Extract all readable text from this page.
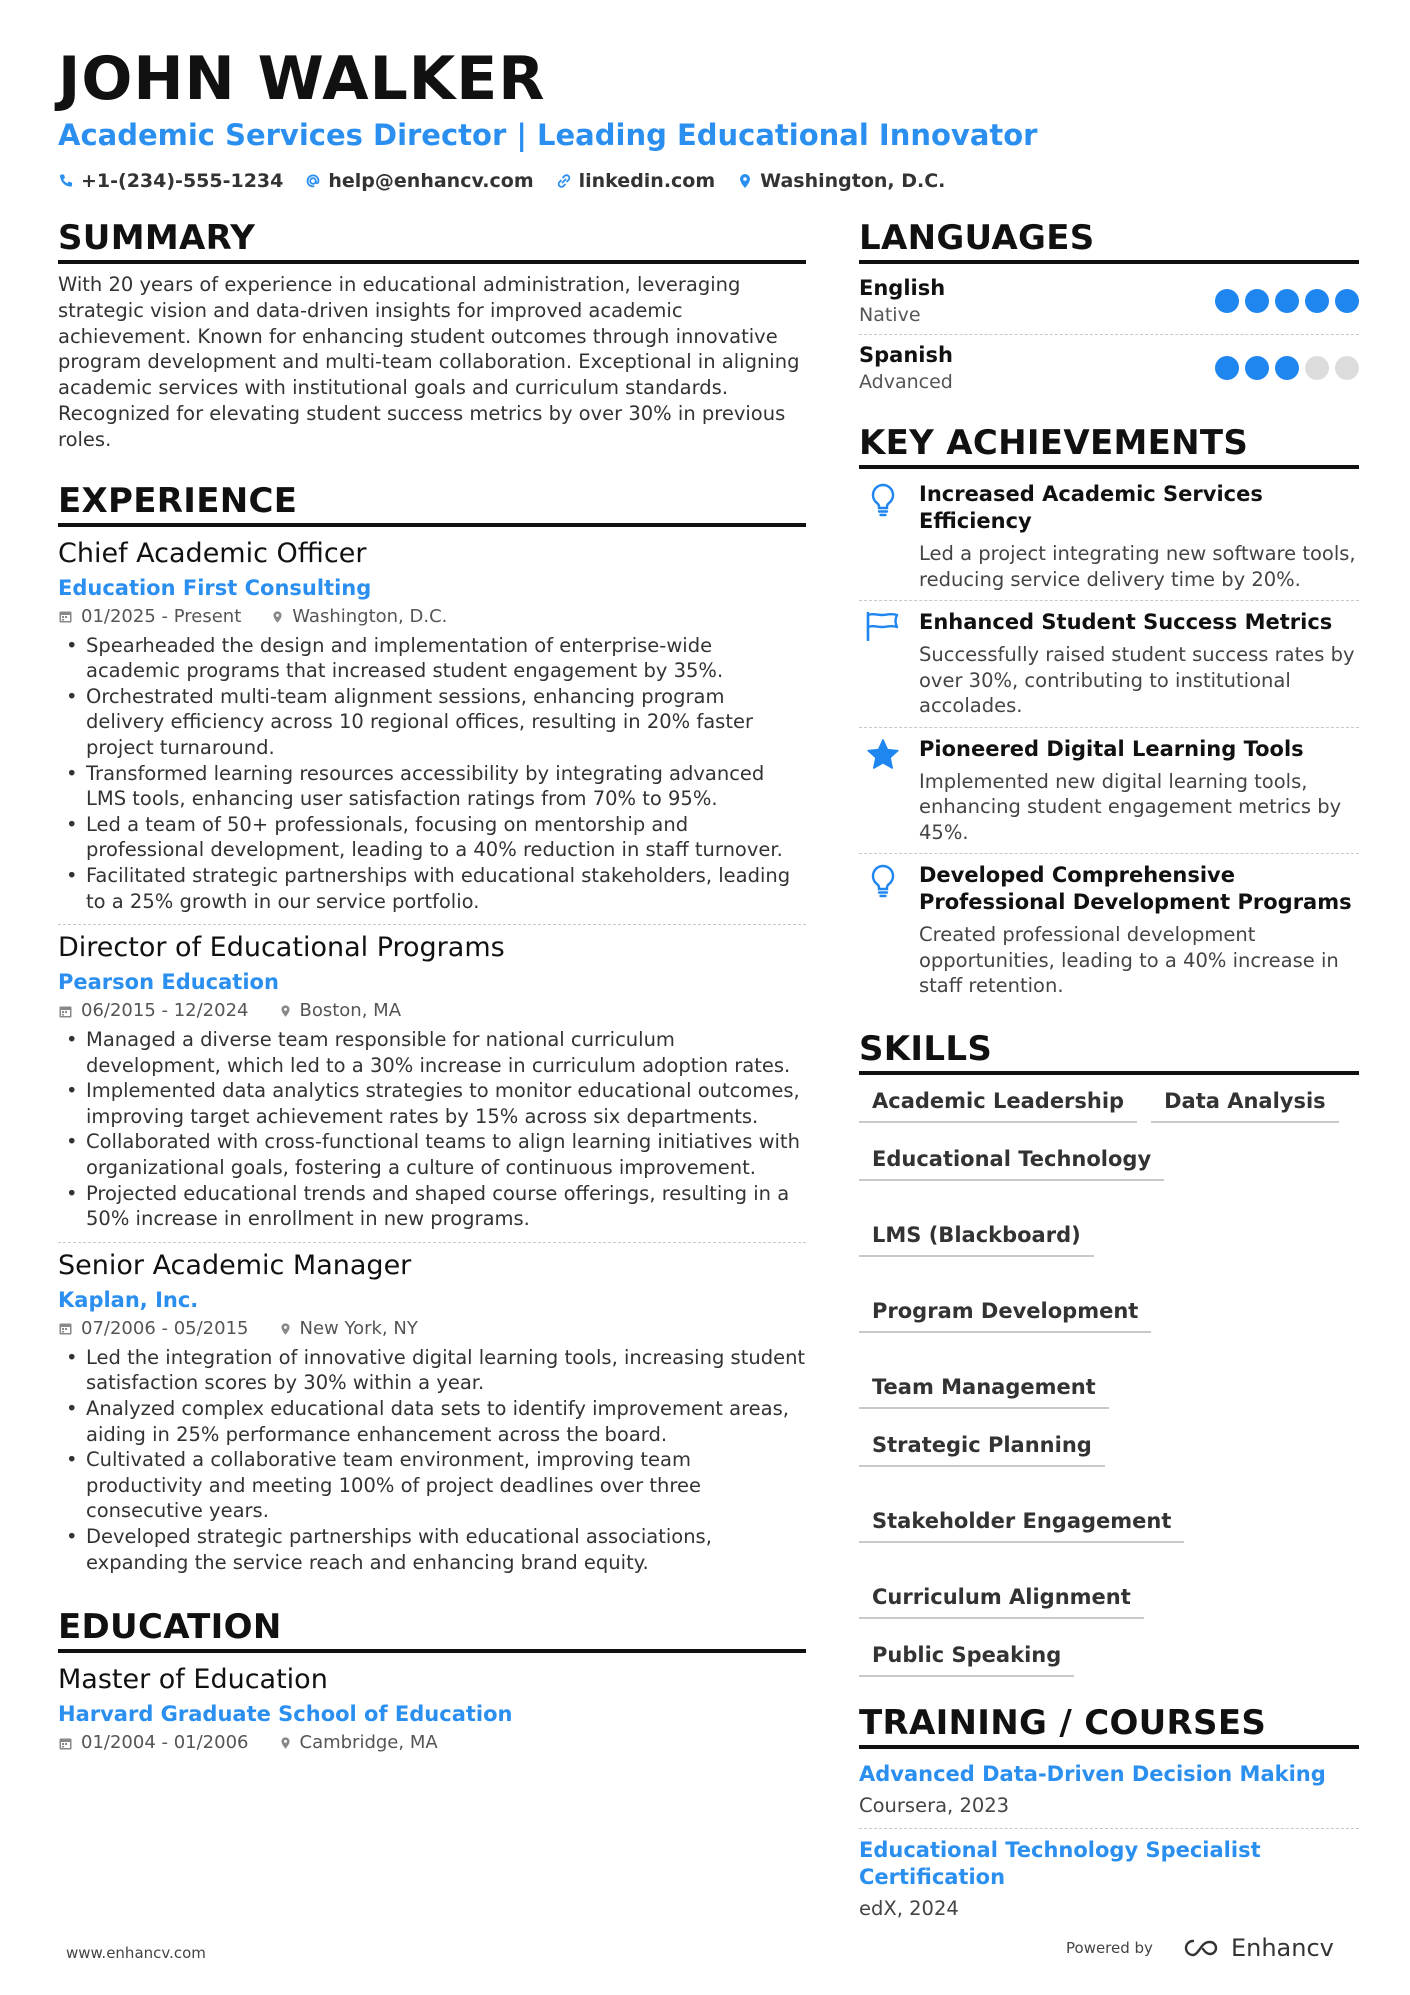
JOHN WALKER
Academic Services Director | Leading Educational Innovator
+1-(234)-555-1234 help@enhancv.com linkedin.com Washington, D.C.
SUMMARY

With 20 years of experience in educational administration, leveraging strategic vision and data-driven insights for improved academic achievement. Known for enhancing student outcomes through innovative program development and multi-team collaboration. Exceptional in aligning academic services with institutional goals and curriculum standards. Recognized for elevating student success metrics by over 30% in previous roles.

EXPERIENCE
Chief Academic Officer
Education First Consulting
01/2025 - Present	Washington, D.C.
• Spearheaded the design and implementation of enterprise-wide academic programs that increased student engagement by 35%.
• Orchestrated multi-team alignment sessions, enhancing program delivery efficiency across 10 regional offices, resulting in 20% faster project turnaround.
• Transformed learning resources accessibility by integrating advanced LMS tools, enhancing user satisfaction ratings from 70% to 95%.
• Led a team of 50+ professionals, focusing on mentorship and professional development, leading to a 40% reduction in staff turnover.
• Facilitated strategic partnerships with educational stakeholders, leading to a 25% growth in our service portfolio.
Director of Educational Programs
Pearson Education
06/2015 - 12/2024	Boston, MA
• Managed a diverse team responsible for national curriculum development, which led to a 30% increase in curriculum adoption rates.
• Implemented data analytics strategies to monitor educational outcomes, improving target achievement rates by 15% across six departments.
• Collaborated with cross-functional teams to align learning initiatives with organizational goals, fostering a culture of continuous improvement.
• Projected educational trends and shaped course offerings, resulting in a 50% increase in enrollment in new programs.
Senior Academic Manager
Kaplan, Inc.
07/2006 - 05/2015	New York, NY
• Led the integration of innovative digital learning tools, increasing student satisfaction scores by 30% within a year.
• Analyzed complex educational data sets to identify improvement areas, aiding in 25% performance enhancement across the board.
• Cultivated a collaborative team environment, improving team productivity and meeting 100% of project deadlines over three consecutive years.
• Developed strategic partnerships with educational associations, expanding the service reach and enhancing brand equity.
EDUCATION
Master of Education
Harvard Graduate School of Education
01/2004 - 01/2006	Cambridge, MA
LANGUAGES
English
Native
Spanish
Advanced
KEY ACHIEVEMENTS
Increased Academic Services Efficiency
Led a project integrating new software tools, reducing service delivery time by 20%.
Enhanced Student Success Metrics
Successfully raised student success rates by over 30%, contributing to institutional accolades.
Pioneered Digital Learning Tools
Implemented new digital learning tools, enhancing student engagement metrics by 45%.
Developed Comprehensive Professional Development Programs
Created professional development opportunities, leading to a 40% increase in staff retention.
SKILLS
Academic Leadership	Data Analysis
Educational Technology
LMS (Blackboard)
Program Development
Team Management
Strategic Planning
Stakeholder Engagement
Curriculum Alignment
Public Speaking
TRAINING / COURSES
Advanced Data-Driven Decision Making
Coursera, 2023
Educational Technology Specialist Certification
edX, 2024
www.enhancv.com	Powered by	Enhancv
